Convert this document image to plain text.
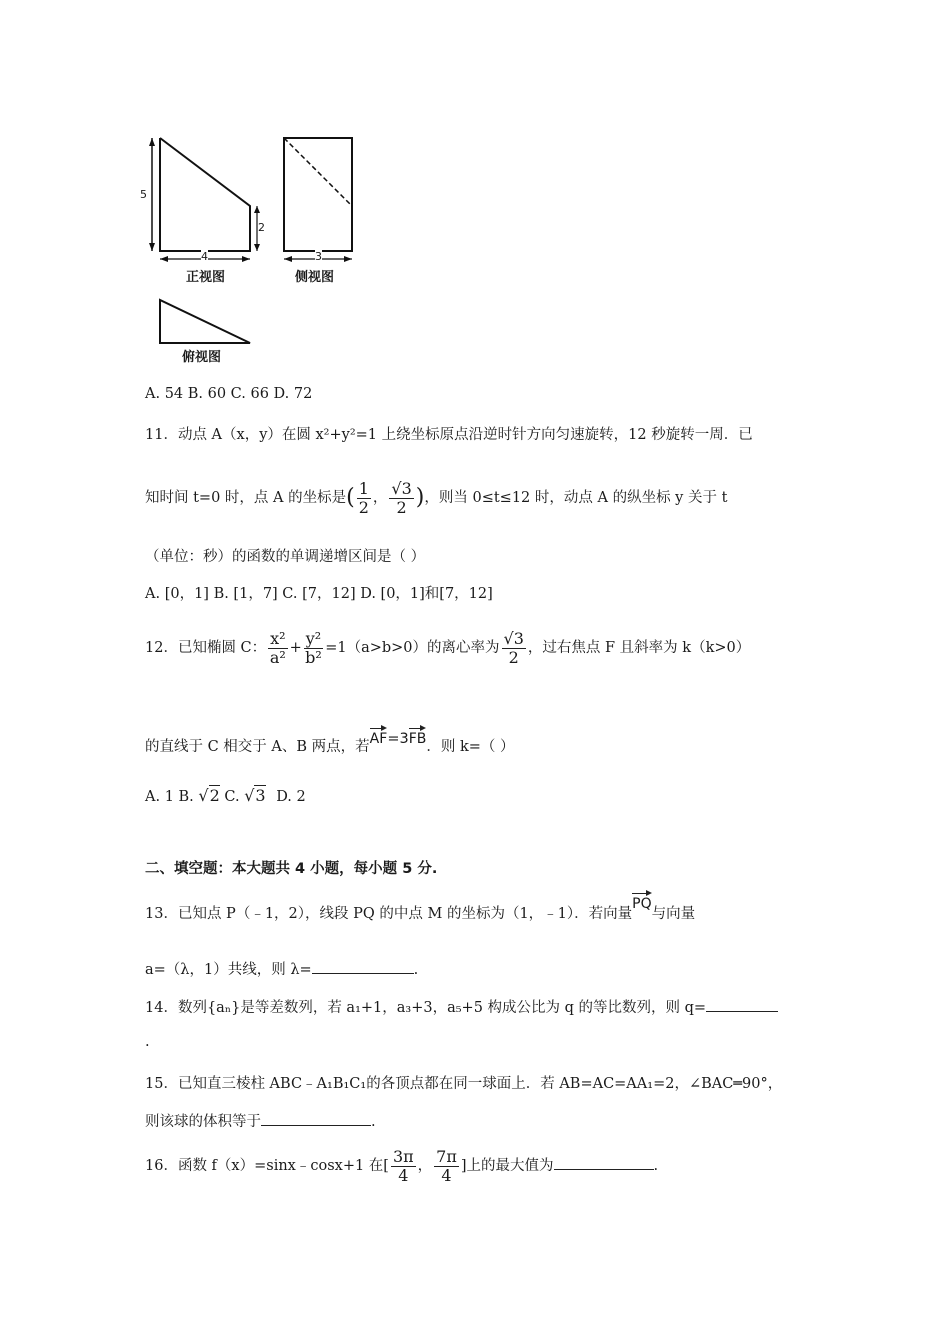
5
2
4	3
正视图	侧视图
俯视图
A. 54 B. 60 C. 66 D. 72
11．动点 A（x，y）在圆 x²+y²=1 上绕坐标原点沿逆时针方向匀速旋转，12 秒旋转一周．已
知时间 t=0 时，点 A 的坐标是( $\frac{1}{2}$ ， $\frac{√3}{2}$ )，则当 0≤t≤12 时，动点 A 的纵坐标 y 关于 t
（单位：秒）的函数的单调递增区间是（ ）
A. [0，1] B. [1，7] C. [7，12] D. [0，1]和[7，12]
12．已知椭圆 C： $\frac{\text{x²}}{\text{a²}} + \frac{\text{y²}}{\text{b²}} =1(a>b>0)$的离心率为 $\frac{√3}{2}$ ，过右焦点 F 且斜率为 k（k>0）
的直线于 C 相交于 A、B 两点，若AF=3FB．则 k=（ ）
A. 1 B. √2 C. √3 D. 2
二、填空题：本大题共 4 小题，每小题 5 分.
13．已知点 P（﹣1，2），线段 PQ 的中点 M 的坐标为（1，﹣1）．若向量PQ与向量
a=（λ，1）共线，则 λ=	.
14．数列{aₙ}是等差数列，若 a₁+1，a₃+3，a₅+5 构成公比为 q 的等比数列，则 q=
.
15．已知直三棱柱 ABC﹣A₁B₁C₁的各顶点都在同一球面上．若 AB=AC=AA₁=2，∠BAC═90°，
则该球的体积等于	.
16．函数 f（x）=sinx﹣cosx+1 在[ $\frac{3\pi}{4}$ ， $\frac{7\pi}{4}$ ]上的最大值为	.
